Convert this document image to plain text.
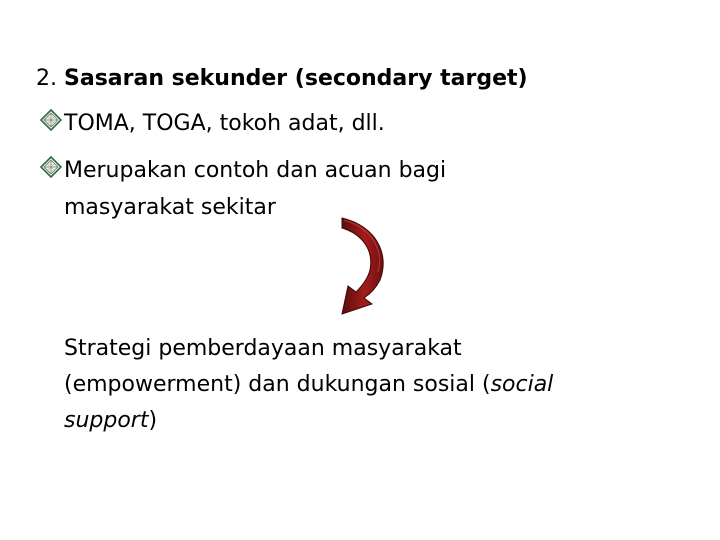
2. Sasaran sekunder (secondary target)
TOMA, TOGA, tokoh adat, dll.
Merupakan contoh dan acuan bagi
masyarakat sekitar
Strategi pemberdayaan masyarakat
(empowerment) dan dukungan sosial (social
support)
